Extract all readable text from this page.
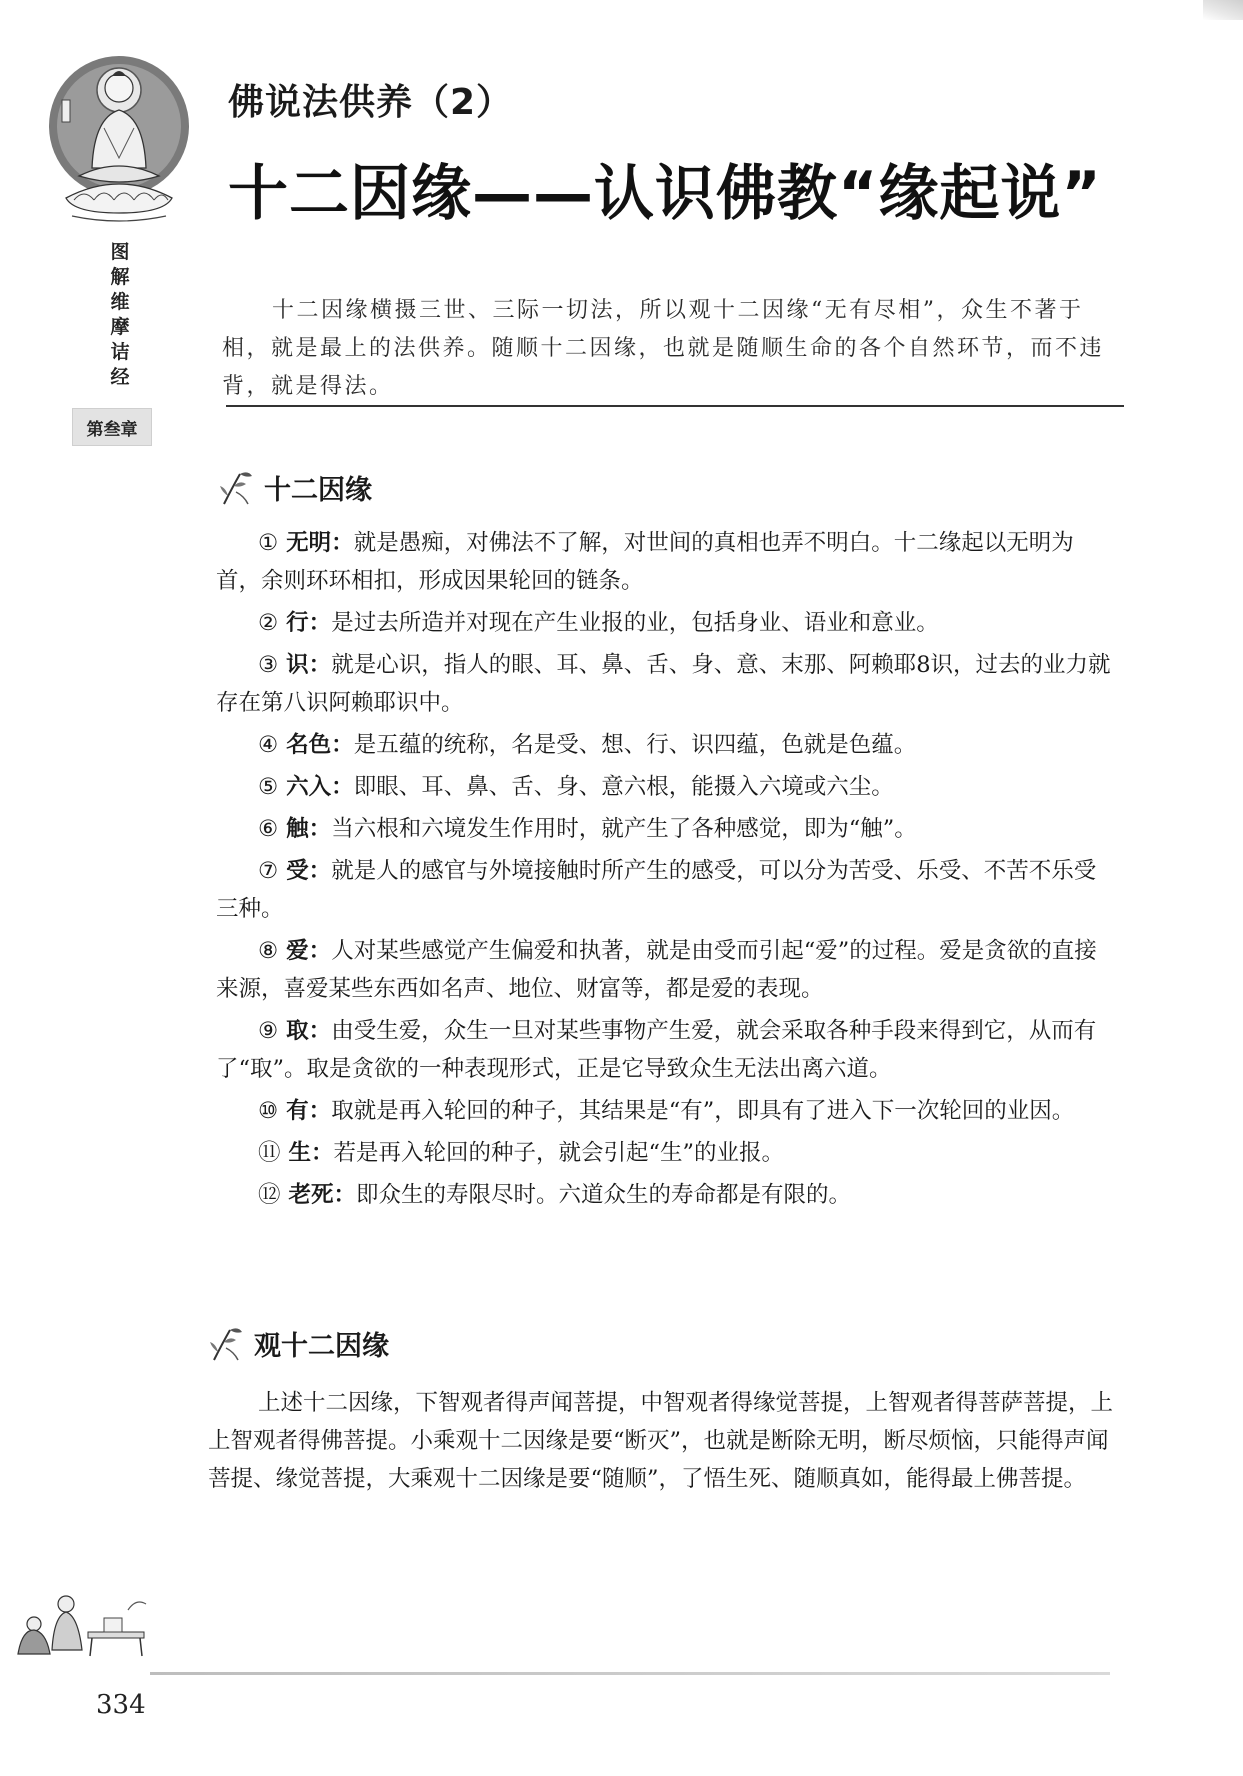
图
解
维
摩
诘
经
第叁章
佛说法供养（2）
十二因缘——认识佛教“缘起说”

十二因缘横摄三世、三际一切法，所以观十二因缘“无有尽相”，众生不著于相，就是最上的法供养。随顺十二因缘，也就是随顺生命的各个自然环节，而不违背，就是得法。

十二因缘

① 无明：就是愚痴，对佛法不了解，对世间的真相也弄不明白。十二缘起以无明为首，余则环环相扣，形成因果轮回的链条。

② 行：是过去所造并对现在产生业报的业，包括身业、语业和意业。

③ 识：就是心识，指人的眼、耳、鼻、舌、身、意、末那、阿赖耶8识，过去的业力就存在第八识阿赖耶识中。

④ 名色：是五蕴的统称，名是受、想、行、识四蕴，色就是色蕴。

⑤ 六入：即眼、耳、鼻、舌、身、意六根，能摄入六境或六尘。

⑥ 触：当六根和六境发生作用时，就产生了各种感觉，即为“触”。

⑦ 受：就是人的感官与外境接触时所产生的感受，可以分为苦受、乐受、不苦不乐受三种。

⑧ 爱：人对某些感觉产生偏爱和执著，就是由受而引起“爱”的过程。爱是贪欲的直接来源，喜爱某些东西如名声、地位、财富等，都是爱的表现。

⑨ 取：由受生爱，众生一旦对某些事物产生爱，就会采取各种手段来得到它，从而有了“取”。取是贪欲的一种表现形式，正是它导致众生无法出离六道。

⑩ 有：取就是再入轮回的种子，其结果是“有”，即具有了进入下一次轮回的业因。

⑪ 生：若是再入轮回的种子，就会引起“生”的业报。

⑫ 老死：即众生的寿限尽时。六道众生的寿命都是有限的。

观十二因缘

上述十二因缘，下智观者得声闻菩提，中智观者得缘觉菩提，上智观者得菩萨菩提，上上智观者得佛菩提。小乘观十二因缘是要“断灭”，也就是断除无明，断尽烦恼，只能得声闻菩提、缘觉菩提，大乘观十二因缘是要“随顺”，了悟生死、随顺真如，能得最上佛菩提。

334
